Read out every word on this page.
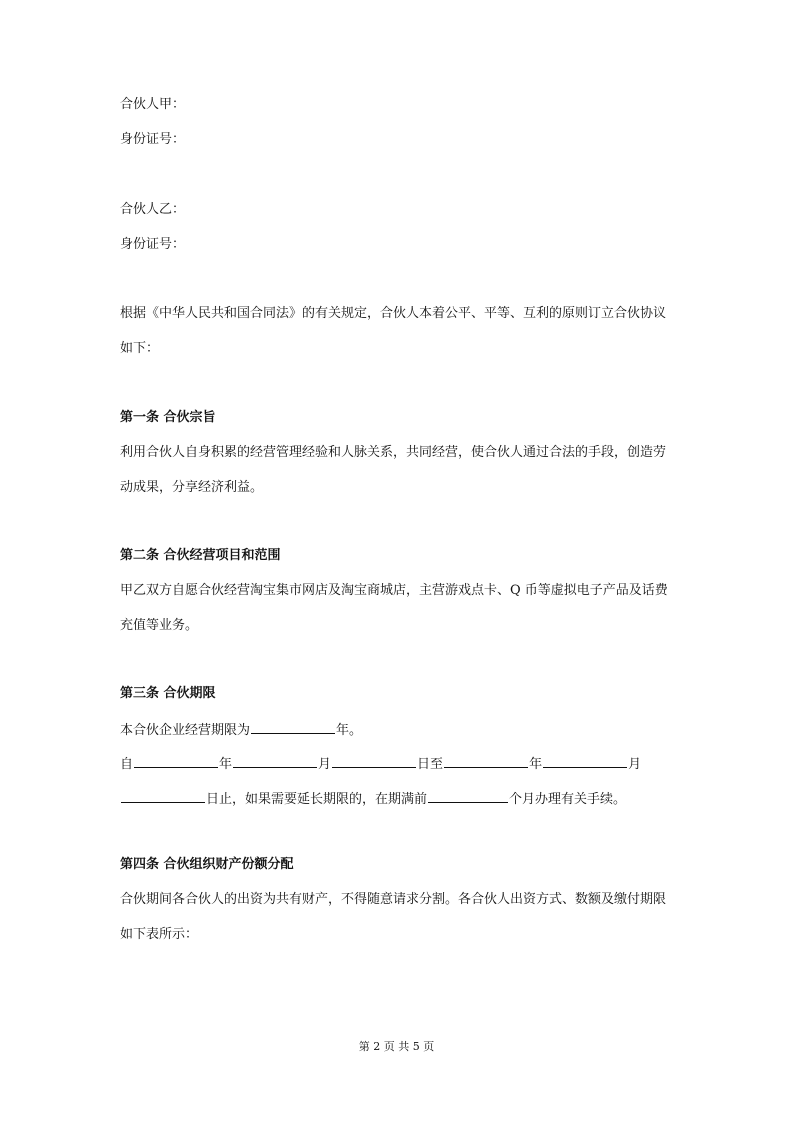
合伙人甲：
身份证号：
合伙人乙：
身份证号：
根据《中华人民共和国合同法》的有关规定，合伙人本着公平、平等、互利的原则订立合伙协议
如下：
第一条 合伙宗旨
利用合伙人自身积累的经营管理经验和人脉关系，共同经营，使合伙人通过合法的手段，创造劳
动成果，分享经济利益。
第二条 合伙经营项目和范围
甲乙双方自愿合伙经营淘宝集市网店及淘宝商城店，主营游戏点卡、Q 币等虚拟电子产品及话费
充值等业务。
第三条 合伙期限
本合伙企业经营期限为	年。
自	年	月	日至	年	月
日止，如果需要延长期限的，在期满前	个月办理有关手续。
第四条 合伙组织财产份额分配
合伙期间各合伙人的出资为共有财产，不得随意请求分割。各合伙人出资方式、数额及缴付期限
如下表所示：
第 2 页 共 5 页
